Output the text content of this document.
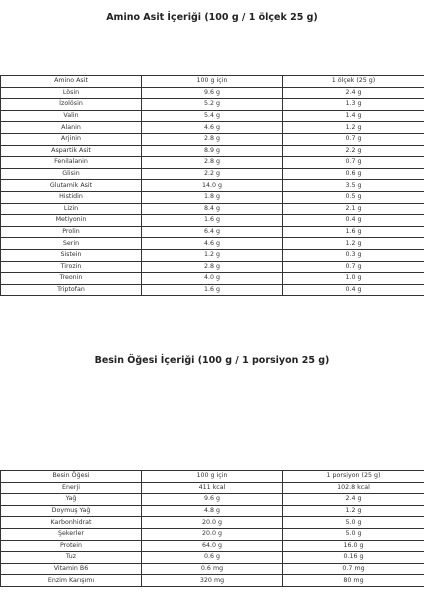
Amino Asit İçeriği (100 g / 1 ölçek 25 g)
Amino Asit	100 g için	1 ölçek (25 g)
Lösin	9.6 g	2.4 g
İzolösin	5.2 g	1.3 g
Valin	5.4 g	1.4 g
Alanin	4.6 g	1.2 g
Arjinin	2.8 g	0.7 g
Aspartik Asit	8.9 g	2.2 g
Fenilalanin	2.8 g	0.7 g
Glisin	2.2 g	0.6 g
Glutamik Asit	14.0 g	3.5 g
Histidin	1.8 g	0.5 g
Lizin	8.4 g	2.1 g
Metiyonin	1.6 g	0.4 g
Prolin	6.4 g	1.6 g
Serin	4.6 g	1.2 g
Sistein	1.2 g	0.3 g
Tirozin	2.8 g	0.7 g
Treonin	4.0 g	1.0 g
Triptofan	1.6 g	0.4 g
Besin Öğesi İçeriği (100 g / 1 porsiyon 25 g)
Besin Öğesi	100 g için	1 porsiyon (25 g)
Enerji	411 kcal	102.8 kcal
Yağ	9.6 g	2.4 g
Doymuş Yağ	4.8 g	1.2 g
Karbonhidrat	20.0 g	5.0 g
Şekerler	20.0 g	5.0 g
Protein	64.0 g	16.0 g
Tuz	0.6 g	0.16 g
Vitamin B6	0.6 mg	0.7 mg
Enzim Karışımı	320 mg	80 mg
